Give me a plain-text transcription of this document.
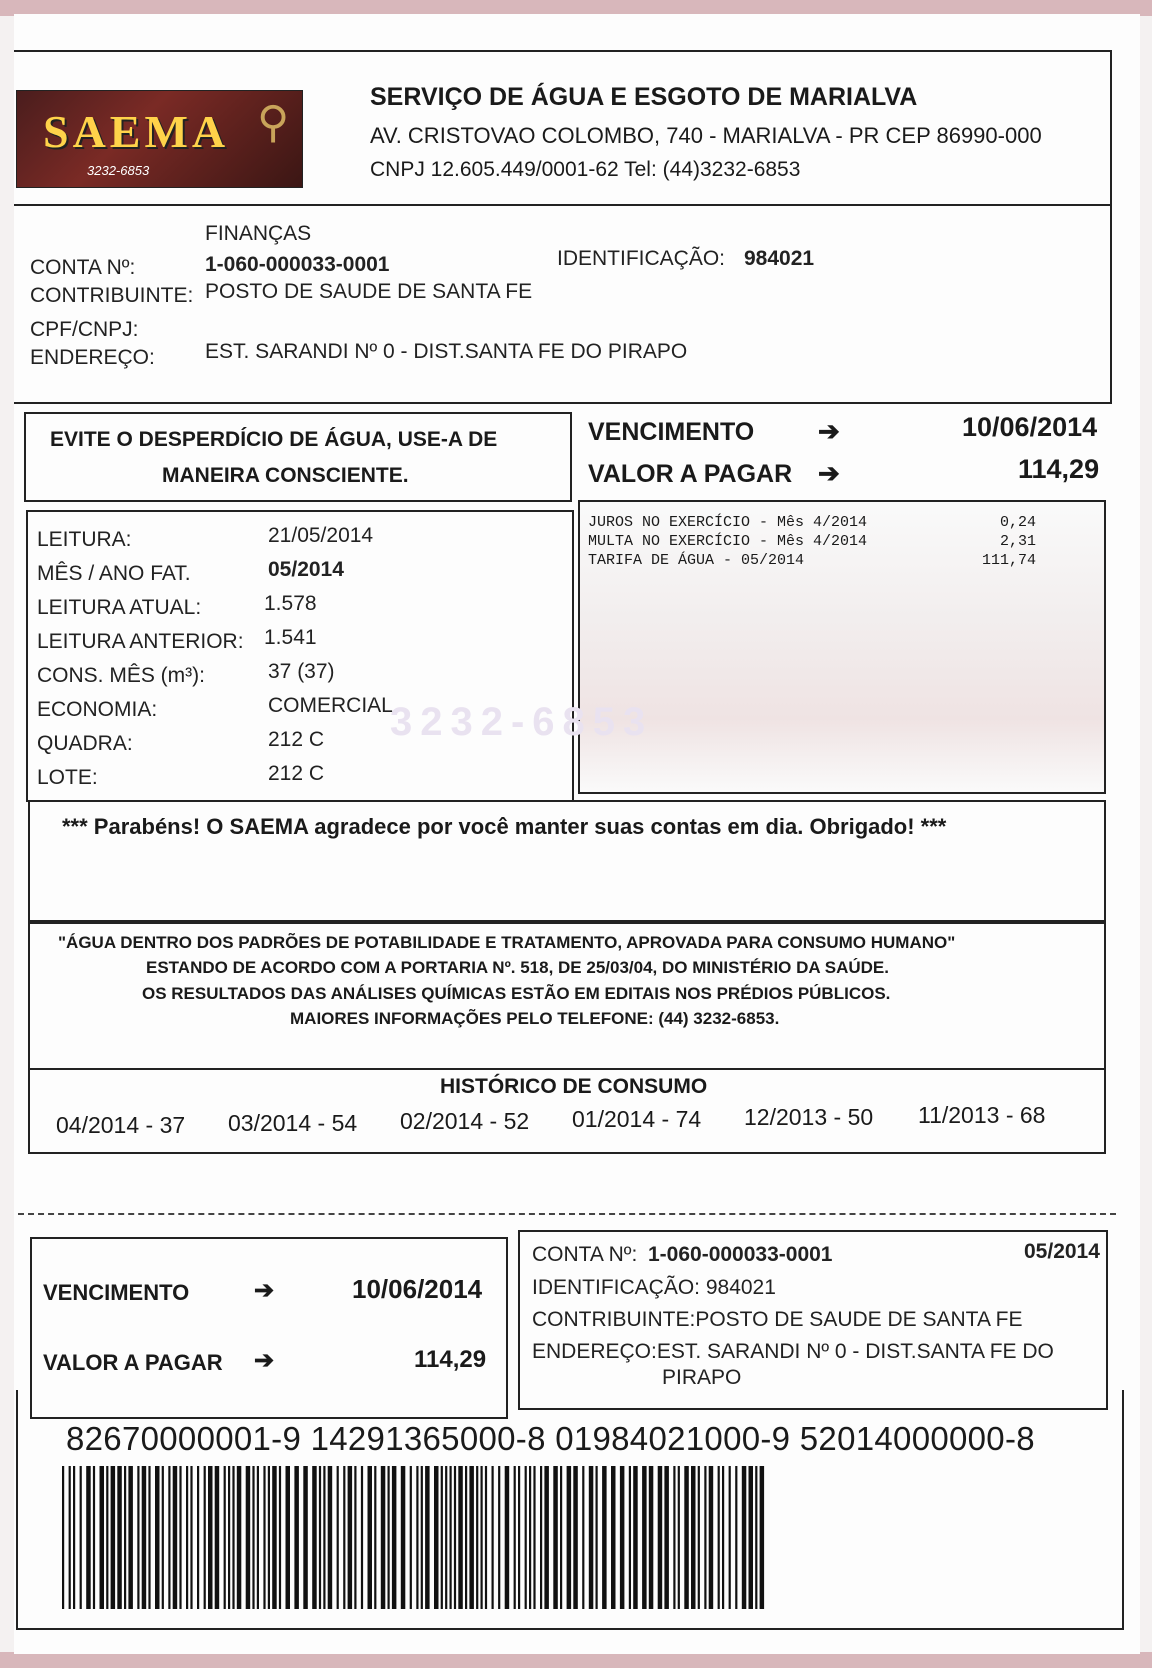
SAEMA
3232-6853
⚲
SERVIÇO DE ÁGUA E ESGOTO DE MARIALVA
AV. CRISTOVAO COLOMBO, 740 - MARIALVA - PR CEP 86990-000
CNPJ 12.605.449/0001-62 Tel: (44)3232-6853
FINANÇAS
CONTA Nº:	1-060-000033-0001	IDENTIFICAÇÃO: 984021
CONTRIBUINTE: POSTO DE SAUDE DE SANTA FE
CPF/CNPJ:
ENDEREÇO: EST. SARANDI Nº 0 - DIST.SANTA FE DO PIRAPO
EVITE O DESPERDÍCIO DE ÁGUA, USE-A DE
MANEIRA CONSCIENTE.
VENCIMENTO ➔	10/06/2014
VALOR A PAGAR ➔	114,29
LEITURA:	21/05/2014
MÊS / ANO FAT.	05/2014
LEITURA ATUAL:	1.578
LEITURA ANTERIOR: 1.541
CONS. MÊS (m³):	37 (37)
ECONOMIA:	COMERCIAL
QUADRA:	212 C
LOTE:	212 C
3232-6853
JUROS NO EXERCÍCIO - Mês 4/2014	0,24
MULTA NO EXERCÍCIO - Mês 4/2014	2,31
TARIFA DE ÁGUA - 05/2014	111,74
*** Parabéns! O SAEMA agradece por você manter suas contas em dia. Obrigado! ***
"ÁGUA DENTRO DOS PADRÕES DE POTABILIDADE E TRATAMENTO, APROVADA PARA CONSUMO HUMANO"
ESTANDO DE ACORDO COM A PORTARIA Nº. 518, DE 25/03/04, DO MINISTÉRIO DA SAÚDE.
OS RESULTADOS DAS ANÁLISES QUÍMICAS ESTÃO EM EDITAIS NOS PRÉDIOS PÚBLICOS.
MAIORES INFORMAÇÕES PELO TELEFONE: (44) 3232-6853.
HISTÓRICO DE CONSUMO
04/2014 - 37 03/2014 - 54 02/2014 - 52 01/2014 - 74 12/2013 - 50 11/2013 - 68
VENCIMENTO	➔	10/06/2014
VALOR A PAGAR ➔	114,29
CONTA Nº: 1-060-000033-0001	05/2014
IDENTIFICAÇÃO: 984021
CONTRIBUINTE:POSTO DE SAUDE DE SANTA FE
ENDEREÇO:EST. SARANDI Nº 0 - DIST.SANTA FE DO
PIRAPO
82670000001-9 14291365000-8 01984021000-9 52014000000-8
